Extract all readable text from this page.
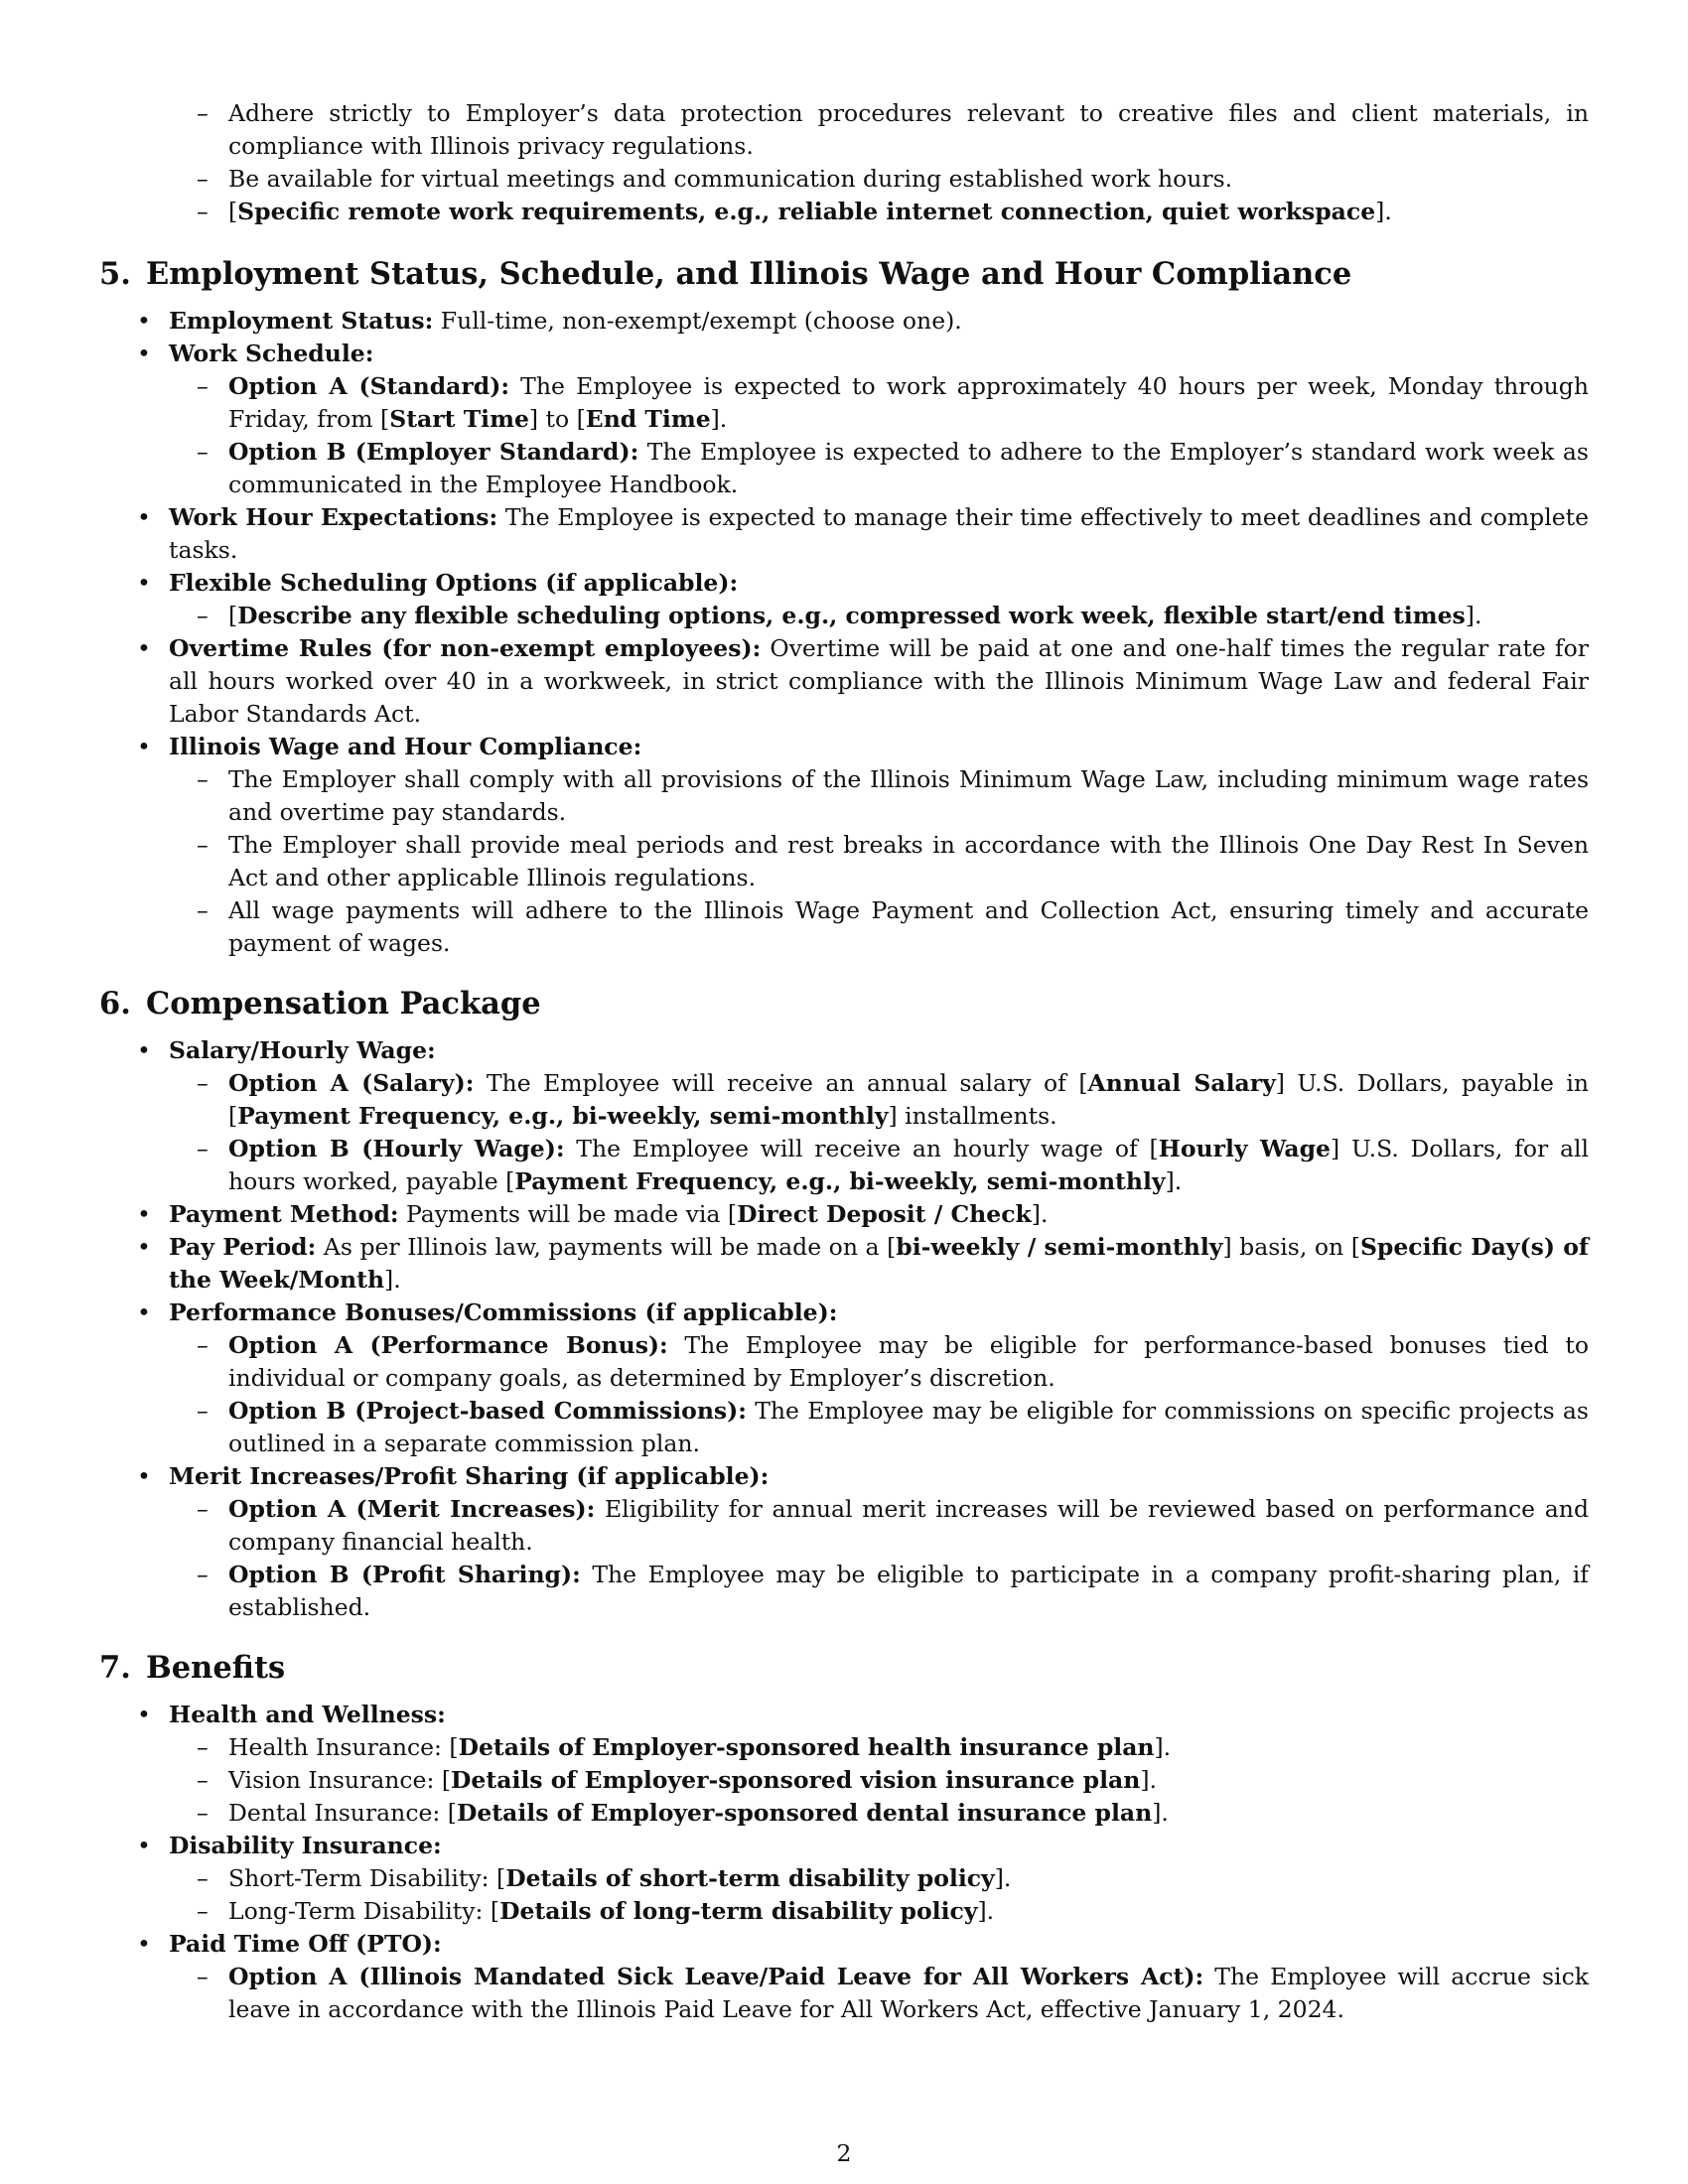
– Adhere strictly to Employer’s data protection procedures relevant to creative files and client materials, in compliance with Illinois privacy regulations.
– Be available for virtual meetings and communication during established work hours.
– [Specific remote work requirements, e.g., reliable internet connection, quiet workspace].
5. Employment Status, Schedule, and Illinois Wage and Hour Compliance
• Employment Status: Full-time, non-exempt/exempt (choose one).
• Work Schedule:
– Option A (Standard): The Employee is expected to work approximately 40 hours per week, Monday through Friday, from [Start Time] to [End Time].
– Option B (Employer Standard): The Employee is expected to adhere to the Employer’s standard work week as communicated in the Employee Handbook.
• Work Hour Expectations: The Employee is expected to manage their time effectively to meet deadlines and complete tasks.
• Flexible Scheduling Options (if applicable):
– [Describe any flexible scheduling options, e.g., compressed work week, flexible start/end times].
• Overtime Rules (for non-exempt employees): Overtime will be paid at one and one-half times the regular rate for all hours worked over 40 in a workweek, in strict compliance with the Illinois Minimum Wage Law and federal Fair Labor Standards Act.
• Illinois Wage and Hour Compliance:
– The Employer shall comply with all provisions of the Illinois Minimum Wage Law, including minimum wage rates and overtime pay standards.
– The Employer shall provide meal periods and rest breaks in accordance with the Illinois One Day Rest In Seven Act and other applicable Illinois regulations.
– All wage payments will adhere to the Illinois Wage Payment and Collection Act, ensuring timely and accurate payment of wages.
6. Compensation Package
• Salary/Hourly Wage:
– Option A (Salary): The Employee will receive an annual salary of [Annual Salary] U.S. Dollars, payable in [Payment Frequency, e.g., bi-weekly, semi-monthly] installments.
– Option B (Hourly Wage): The Employee will receive an hourly wage of [Hourly Wage] U.S. Dollars, for all hours worked, payable [Payment Frequency, e.g., bi-weekly, semi-monthly].
• Payment Method: Payments will be made via [Direct Deposit / Check].
• Pay Period: As per Illinois law, payments will be made on a [bi-weekly / semi-monthly] basis, on [Specific Day(s) of the Week/Month].
• Performance Bonuses/Commissions (if applicable):
– Option A (Performance Bonus): The Employee may be eligible for performance-based bonuses tied to individual or company goals, as determined by Employer’s discretion.
– Option B (Project-based Commissions): The Employee may be eligible for commissions on specific projects as outlined in a separate commission plan.
• Merit Increases/Profit Sharing (if applicable):
– Option A (Merit Increases): Eligibility for annual merit increases will be reviewed based on performance and company financial health.
– Option B (Profit Sharing): The Employee may be eligible to participate in a company profit-sharing plan, if established.
7. Benefits
• Health and Wellness:
– Health Insurance: [Details of Employer-sponsored health insurance plan].
– Vision Insurance: [Details of Employer-sponsored vision insurance plan].
– Dental Insurance: [Details of Employer-sponsored dental insurance plan].
• Disability Insurance:
– Short-Term Disability: [Details of short-term disability policy].
– Long-Term Disability: [Details of long-term disability policy].
• Paid Time Off (PTO):
– Option A (Illinois Mandated Sick Leave/Paid Leave for All Workers Act): The Employee will accrue sick leave in accordance with the Illinois Paid Leave for All Workers Act, effective January 1, 2024.
2
